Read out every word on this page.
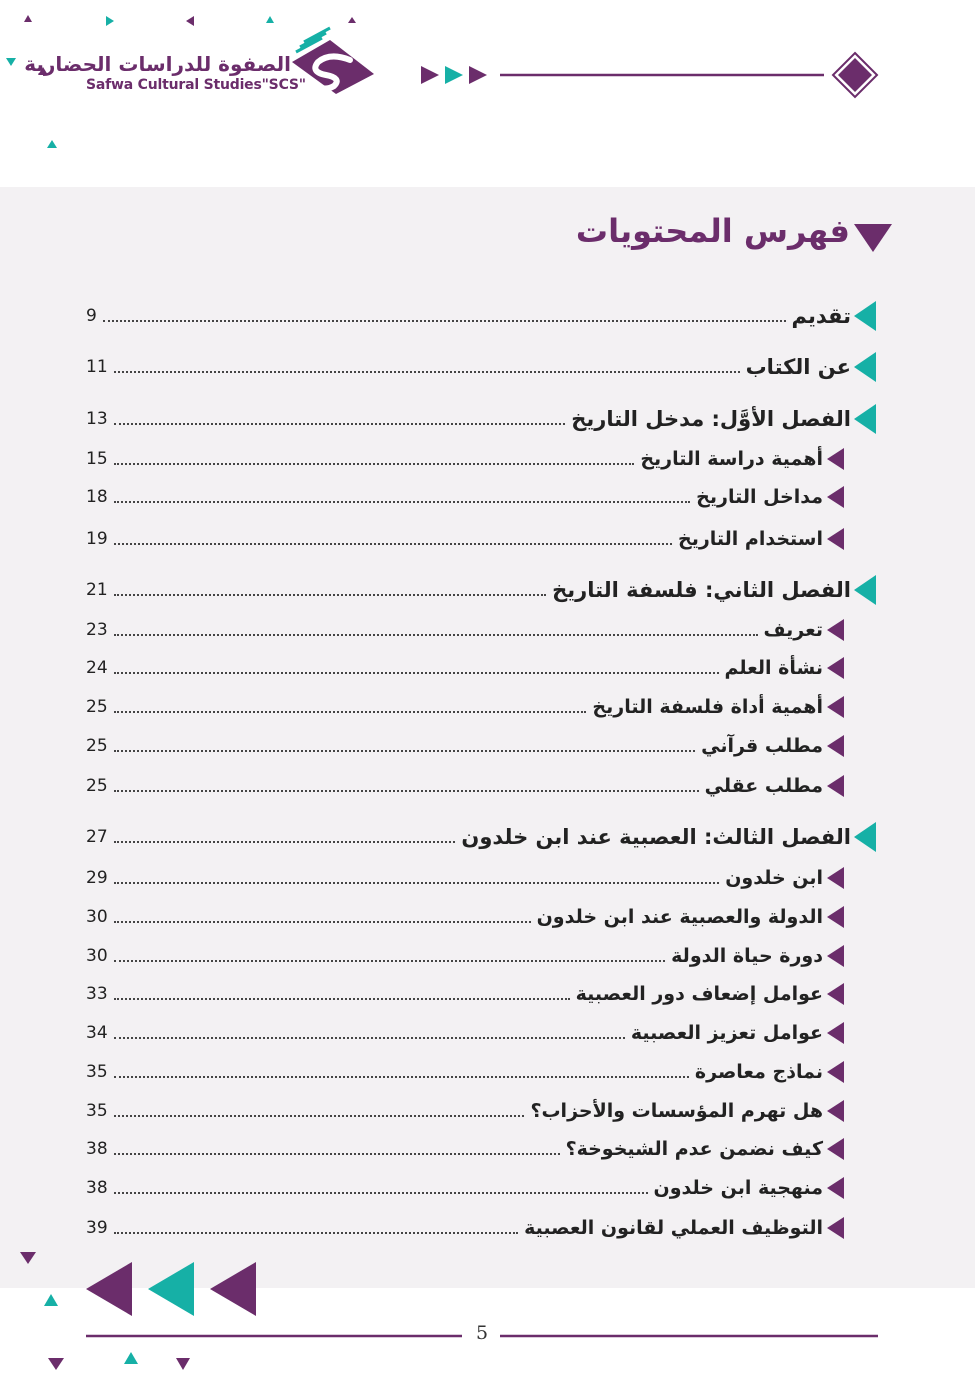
الصفوة للدراسات الحضارية
Safwa Cultural Studies"SCS"
فهرس المحتويات
9	تقديم
11	عن الكتاب
13	الفصل الأوَّل: مدخل التاريخ
15	أهمية دراسة التاريخ
18	مداخل التاريخ
19	استخدام التاريخ
21	الفصل الثاني: فلسفة التاريخ
23	تعريف
24	نشأة العلم
25	أهمية أداة فلسفة التاريخ
25	مطلب قرآني
25	مطلب عقلي
27	الفصل الثالث: العصبية عند ابن خلدون
29	ابن خلدون
30	الدولة والعصبية عند ابن خلدون
30	دورة حياة الدولة
33	عوامل إضعاف دور العصبية
34	عوامل تعزيز العصبية
35	نماذج معاصرة
35	هل تهرم المؤسسات والأحزاب؟
38	كيف نضمن عدم الشيخوخة؟
38	منهجية ابن خلدون
39	التوظيف العملي لقانون العصبية
5
